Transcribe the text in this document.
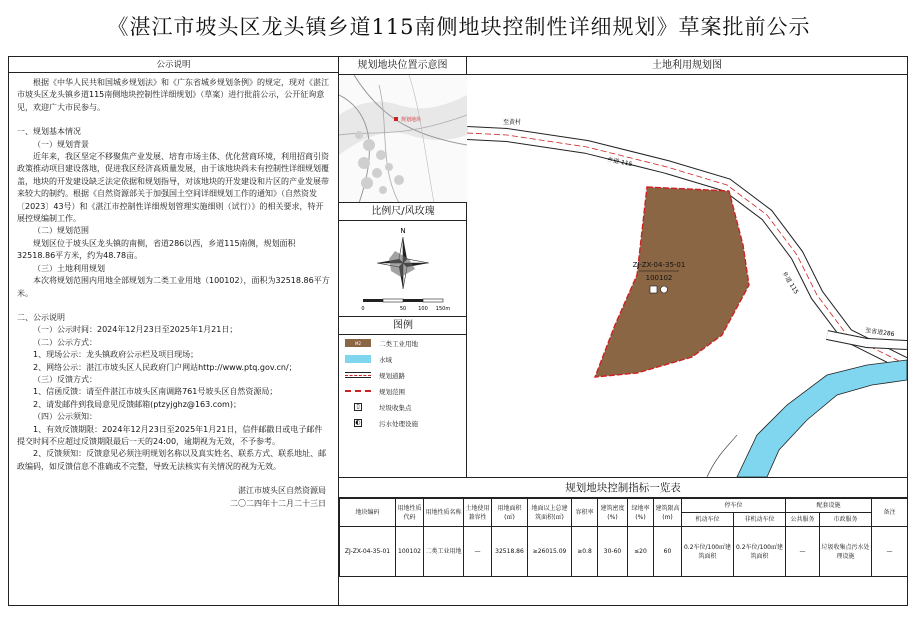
《湛江市坡头区龙头镇乡道115南侧地块控制性详细规划》草案批前公示
公示说明
根据《中华人民共和国城乡规划法》和《广东省城乡规划条例》的规定，现对《湛江市坡头区龙头镇乡道115南侧地块控制性详细规划》（草案）进行批前公示，公开征询意见，欢迎广大市民参与。
一、规划基本情况
（一）规划背景
近年来，我区坚定不移聚焦产业发展、培育市场主体、优化营商环境，利用招商引资政策推动项目建设落地，促进我区经济高质量发展，由于该地块尚未有控制性详细规划覆盖，地块的开发建设缺乏法定依据和规划指导，对该地块的开发建设和片区的产业发展带来较大的制约。根据《自然资源部关于加强国土空间详细规划工作的通知》（自然资发〔2023〕43号）和《湛江市控制性详细规划管理实施细则（试行）》的相关要求，特开展控规编制工作。
（二）规划范围
规划区位于坡头区龙头镇的南侧，省道286以西，乡道115南侧，规划面积32518.86平方米，约为48.78亩。
（三）土地利用规划
本次将规划范围内用地全部规划为二类工业用地（100102），面积为32518.86平方米。
二、公示说明
（一）公示时间：2024年12月23日至2025年1月21日；
（二）公示方式：
1、现场公示：龙头镇政府公示栏及项目现场；
2、网络公示：湛江市坡头区人民政府门户网站http://www.ptq.gov.cn/；
（三）反馈方式：
1、信函反馈：请至件湛江市坡头区南调路761号坡头区自然资源局；
2、请发邮件到我局意见反馈邮箱(ptzyjghz@163.com)；
（四）公示须知：
1、有效反馈期限：2024年12月23日至2025年1月21日，信件邮戳日或电子邮件提交时间不应超过反馈期限最后一天的24:00，逾期视为无效，不予参考。
2、反馈须知：反馈意见必须注明规划名称以及真实姓名、联系方式、联系地址、邮政编码，如反馈信息不准确或不完整，导致无法核实有关情况的视为无效。
湛江市坡头区自然资源局
二〇二四年十二月二十三日
规划地块位置示意图
规划地块
比例尺/风玫瑰
N
0	50 100 150m
图例
M2	二类工业用地
水域
规划道路
规划范围
▯	垃圾收集点
◐	污水处理设施
土地利用规划图
至黄村
乡道 115
乡道 115
至省道286
ZJ-ZX-04-35-01
100102
规划地块控制指标一览表
地块编码	用地性质代码	用地性质名称	土地使用兼容性	用地面积(㎡)	地面以上总建筑面积(㎡)	容积率	建筑密度(%)	绿地率(%)	建筑限高(m)	停车位		配套设施		备注
										机动车位	非机动车位	公共服务	市政服务	
ZJ-ZX-04-35-01	100102	二类工业用地	—	32518.86	≥26015.09	≥0.8	30-60	≤20	60	0.2车位/100㎡建筑面积	0.2车位/100㎡建筑面积	—	垃圾收集点污水处理设施	—
